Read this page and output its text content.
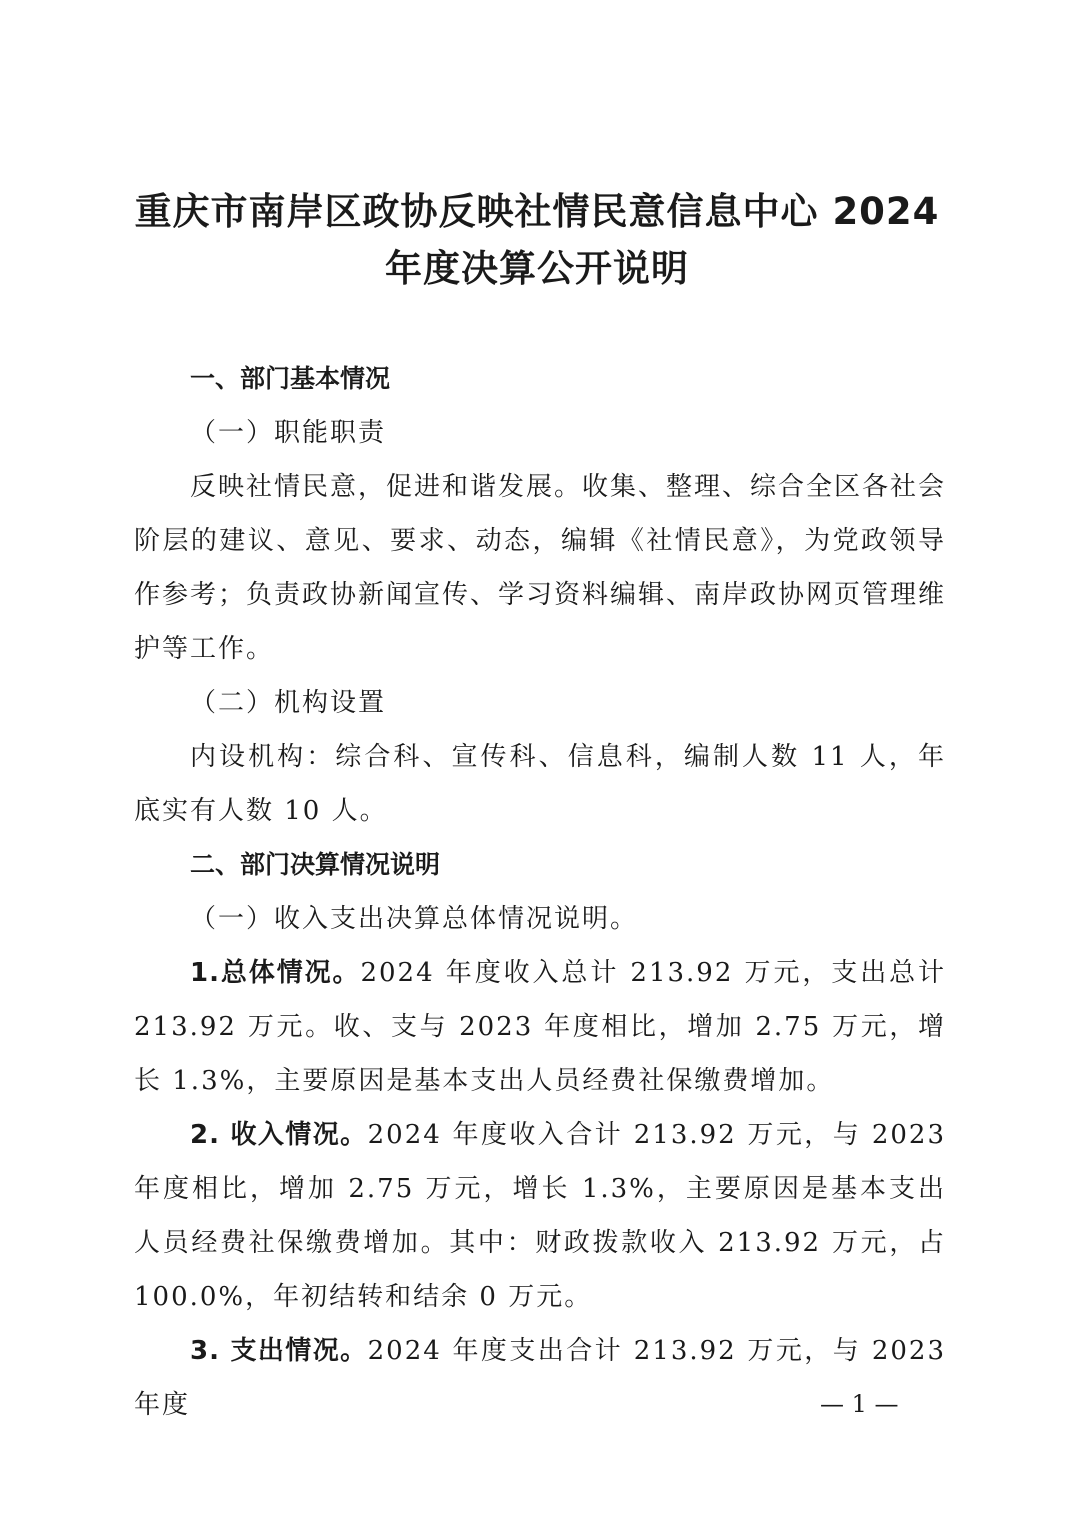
重庆市南岸区政协反映社情民意信息中心 2024
年度决算公开说明

一、部门基本情况

（一）职能职责

反映社情民意，促进和谐发展。收集、整理、综合全区各社会阶层的建议、意见、要求、动态，编辑《社情民意》，为党政领导作参考；负责政协新闻宣传、学习资料编辑、南岸政协网页管理维护等工作。

（二）机构设置

内设机构：综合科、宣传科、信息科，编制人数 11 人，年底实有人数 10 人。

二、部门决算情况说明

（一）收入支出决算总体情况说明。

1.总体情况。2024 年度收入总计 213.92 万元，支出总计 213.92 万元。收、支与 2023 年度相比，增加 2.75 万元，增长 1.3%，主要原因是基本支出人员经费社保缴费增加。

2. 收入情况。2024 年度收入合计 213.92 万元，与 2023 年度相比，增加 2.75 万元，增长 1.3%，主要原因是基本支出人员经费社保缴费增加。其中：财政拨款收入 213.92 万元，占 100.0%，年初结转和结余 0 万元。

3. 支出情况。2024 年度支出合计 213.92 万元，与 2023 年度	— 1 —
